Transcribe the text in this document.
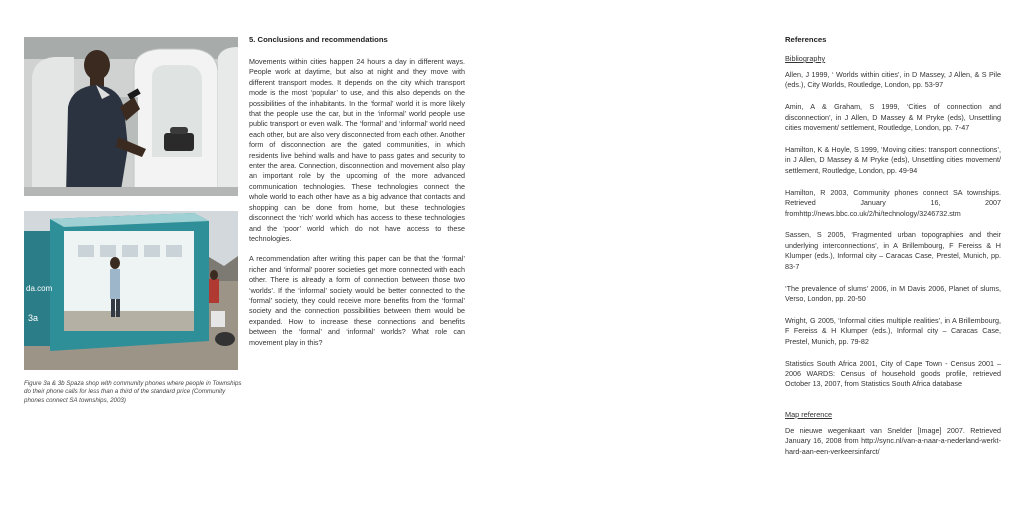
3a
da.com
Figure 3a & 3b Spaza shop with community phones where people in Townships do their phone calls for less than a third of the standard price (Community phones connect SA townships, 2003)
5. Conclusions and recommendations

Movements within cities happen 24 hours a day in different ways. People work at daytime, but also at night and they move with different transport modes. It depends on the city which transport mode is the most ‘popular’ to use, and this also depends on the possibilities of the inhabitants. In the ‘formal’ world it is more likely that the people use the car, but in the ‘informal’ world people use public transport or even walk. The ‘formal’ and ‘informal’ world need each other, but are also very disconnected from each other. Another form of disconnection are the gated communities, in which residents live behind walls and have to pass gates and security to enter the area. Connection, disconnection and movement also play an important role by the upcoming of the more advanced communication technologies. These technologies connect the whole world to each other have as a big advance that contacts and shopping can be done from home, but these technologies disconnect the ‘rich’ world which has access to these technologies and the ‘poor’ world which do not have access to these technologies.

A recommendation after writing this paper can be that the ‘formal’ richer and ‘informal’ poorer societies get more connected with each other. There is already a form of connection between those two ‘worlds’. If the ‘informal’ society would be better connected to the ‘formal’ society, they could receive more benefits from the ‘formal’ society and the connection possibilities between them would be expanded. How to increase these connections and benefits between the ‘formal’ and ‘informal’ worlds? What role can movement play in this?

References
Bibliography

Allen, J 1999, ‘ Worlds within cities’, in D Massey, J Allen, & S Pile (eds.), City Worlds, Routledge, London, pp. 53-97

Amin, A & Graham, S 1999, ‘Cities of connection and disconnection’, in J Allen, D Massey & M Pryke (eds), Unsettling cities movement/ settlement, Routledge, London, pp. 7-47

Hamilton, K & Hoyle, S 1999, ‘Moving cities: transport connections’, in J Allen, D Massey & M Pryke (eds), Unsettling cities movement/ settlement, Routledge, London, pp. 49-94

Hamilton, R 2003, Community phones connect SA townships. Retrieved January 16, 2007 fromhttp://news.bbc.co.uk/2/hi/technology/3246732.stm

Sassen, S 2005, ‘Fragmented urban topographies and their underlying interconnections’, in A Brillembourg, F Fereiss & H Klumper (eds.), Informal city – Caracas Case, Prestel, Munich, pp. 83-7

‘The prevalence of slums’ 2006, in M Davis 2006, Planet of slums, Verso, London, pp. 20-50

Wright, G 2005, ‘Informal cities multiple realities’, in A Brillembourg, F Fereiss & H Klumper (eds.), Informal city – Caracas Case, Prestel, Munich, pp. 79-82

Statistics South Africa 2001, City of Cape Town - Census 2001 – 2006 WARDS: Census of household goods profile, retrieved October 13, 2007, from Statistics South Africa database

Map reference

De nieuwe wegenkaart van Snelder [Image] 2007. Retrieved January 16, 2008 from http://sync.nl/van-a-naar-a-nederland-werkt-hard-aan-een-verkeersinfarct/
